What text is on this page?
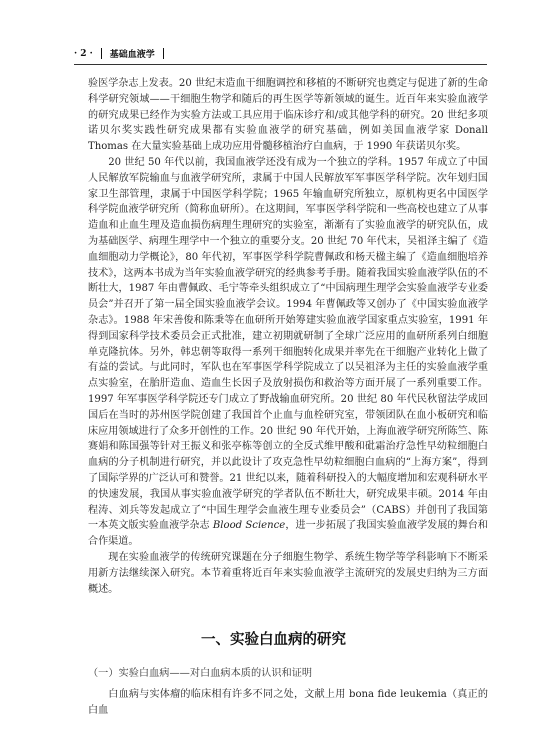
· 2 · 基础血液学

验医学杂志上发表。20 世纪末造血干细胞调控和移植的不断研究也奠定与促进了新的生命科学研究领域——干细胞生物学和随后的再生医学等新领域的诞生。近百年来实验血液学的研究成果已经作为实验方法或工具应用于临床诊疗和/或其他学科的研究。20 世纪多项诺贝尔奖实践性研究成果都有实验血液学的研究基础，例如美国血液学家 Donall Thomas 在大量实验基础上成功应用骨髓移植治疗白血病，于 1990 年获诺贝尔奖。

20 世纪 50 年代以前，我国血液学还没有成为一个独立的学科。1957 年成立了中国人民解放军院输血与血液学研究所，隶属于中国人民解放军军事医学科学院。次年划归国家卫生部管理，隶属于中国医学科学院；1965 年输血研究所独立，原机构更名中国医学科学院血液学研究所（简称血研所）。在这期间，军事医学科学院和一些高校也建立了从事造血和止血生理及造血损伤病理生理研究的实验室，渐渐有了实验血液学的研究队伍，成为基础医学、病理生理学中一个独立的重要分支。20 世纪 70 年代末，吴祖泽主编了《造血细胞动力学概论》，80 年代初，军事医学科学院曹佩政和杨天楹主编了《造血细胞培养技术》，这两本书成为当年实验血液学研究的经典参考手册。随着我国实验血液学队伍的不断壮大，1987 年由曹佩政、毛宁等牵头组织成立了“中国病理生理学会实验血液学专业委员会”并召开了第一届全国实验血液学会议。1994 年曹佩政等又创办了《中国实验血液学杂志》。1988 年宋善俊和陈秉等在血研所开始筹建实验血液学国家重点实验室，1991 年得到国家科学技术委员会正式批准，建立初期就研制了全球广泛应用的血研所系列白细胞单克隆抗体。另外，韩忠朝等取得一系列干细胞转化成果并率先在干细胞产业转化上做了有益的尝试。与此同时，军队也在军事医学科学院成立了以吴祖泽为主任的实验血液学重点实验室，在胎肝造血、造血生长因子及放射损伤和救治等方面开展了一系列重要工作。1997 年军事医学科学院还专门成立了野战输血研究所。20 世纪 80 年代民秋留法学成回国后在当时的苏州医学院创建了我国首个止血与血栓研究室，带领团队在血小板研究和临床应用领域进行了众多开创性的工作。20 世纪 90 年代开始，上海血液学研究所陈竺、陈赛娟和陈国强等针对王振义和张亭栋等创立的全反式维甲酸和砒霜治疗急性早幼粒细胞白血病的分子机制进行研究，并以此设计了攻克急性早幼粒细胞白血病的“上海方案”，得到了国际学界的广泛认可和赞誉。21 世纪以来，随着科研投入的大幅度增加和宏观科研水平的快速发展，我国从事实验血液学研究的学者队伍不断壮大，研究成果丰硕。2014 年由程涛、刘兵等发起成立了“中国生理学会血液生理专业委员会”（CABS）并创刊了我国第一本英文版实验血液学杂志 Blood Science，进一步拓展了我国实验血液学发展的舞台和合作渠道。

现在实验血液学的传统研究课题在分子细胞生物学、系统生物学等学科影响下不断采用新方法继续深入研究。本节着重将近百年来实验血液学主流研究的发展史归纳为三方面概述。

一、实验白血病的研究
（一）实验白血病——对白血病本质的认识和证明
白血病与实体瘤的临床相有许多不同之处，文献上用 bona fide leukemia（真正的白血
